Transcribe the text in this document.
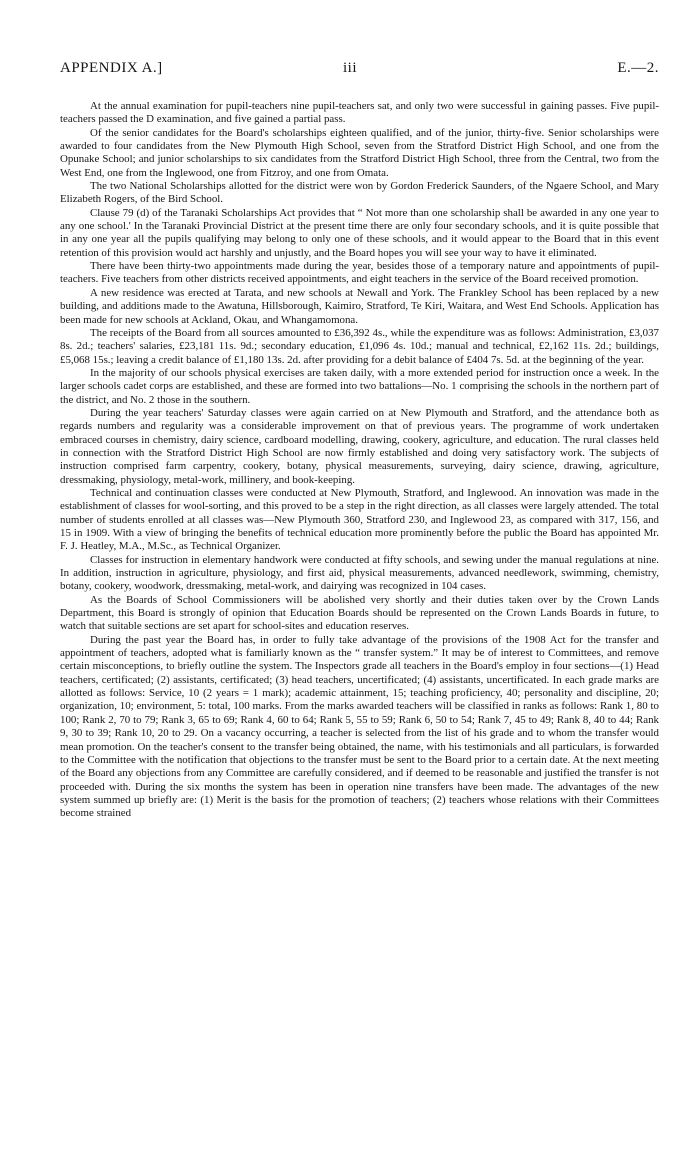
APPENDIX A.]	iii	E.—2.

At the annual examination for pupil-teachers nine pupil-teachers sat, and only two were successful in gaining passes. Five pupil-teachers passed the D examination, and five gained a partial pass.

Of the senior candidates for the Board's scholarships eighteen qualified, and of the junior, thirty-five. Senior scholarships were awarded to four candidates from the New Plymouth High School, seven from the Stratford District High School, and one from the Opunake School; and junior scholarships to six candidates from the Stratford District High School, three from the Central, two from the West End, one from the Inglewood, one from Fitzroy, and one from Omata.

The two National Scholarships allotted for the district were won by Gordon Frederick Saunders, of the Ngaere School, and Mary Elizabeth Rogers, of the Bird School.

Clause 79 (d) of the Taranaki Scholarships Act provides that “ Not more than one scholarship shall be awarded in any one year to any one school.' In the Taranaki Provincial District at the present time there are only four secondary schools, and it is quite possible that in any one year all the pupils qualifying may belong to only one of these schools, and it would appear to the Board that in this event retention of this provision would act harshly and unjustly, and the Board hopes you will see your way to have it eliminated.

There have been thirty-two appointments made during the year, besides those of a temporary nature and appointments of pupil-teachers. Five teachers from other districts received appointments, and eight teachers in the service of the Board received promotion.

A new residence was erected at Tarata, and new schools at Newall and York. The Frankley School has been replaced by a new building, and additions made to the Awatuna, Hillsborough, Kaimiro, Stratford, Te Kiri, Waitara, and West End Schools. Application has been made for new schools at Ackland, Okau, and Whangamomona.

The receipts of the Board from all sources amounted to £36,392 4s., while the expenditure was as follows: Administration, £3,037 8s. 2d.; teachers' salaries, £23,181 11s. 9d.; secondary education, £1,096 4s. 10d.; manual and technical, £2,162 11s. 2d.; buildings, £5,068 15s.; leaving a credit balance of £1,180 13s. 2d. after providing for a debit balance of £404 7s. 5d. at the beginning of the year.

In the majority of our schools physical exercises are taken daily, with a more extended period for instruction once a week. In the larger schools cadet corps are established, and these are formed into two battalions—No. 1 comprising the schools in the northern part of the district, and No. 2 those in the southern.

During the year teachers' Saturday classes were again carried on at New Plymouth and Stratford, and the attendance both as regards numbers and regularity was a considerable improvement on that of previous years. The programme of work undertaken embraced courses in chemistry, dairy science, cardboard modelling, drawing, cookery, agriculture, and education. The rural classes held in connection with the Stratford District High School are now firmly established and doing very satisfactory work. The subjects of instruction comprised farm carpentry, cookery, botany, physical measurements, surveying, dairy science, drawing, agriculture, dressmaking, physiology, metal-work, millinery, and book-keeping.

Technical and continuation classes were conducted at New Plymouth, Stratford, and Inglewood. An innovation was made in the establishment of classes for wool-sorting, and this proved to be a step in the right direction, as all classes were largely attended. The total number of students enrolled at all classes was—New Plymouth 360, Stratford 230, and Inglewood 23, as compared with 317, 156, and 15 in 1909. With a view of bringing the benefits of technical education more prominently before the public the Board has appointed Mr. F. J. Heatley, M.A., M.Sc., as Technical Organizer.

Classes for instruction in elementary handwork were conducted at fifty schools, and sewing under the manual regulations at nine. In addition, instruction in agriculture, physiology, and first aid, physical measurements, advanced needlework, swimming, chemistry, botany, cookery, woodwork, dressmaking, metal-work, and dairying was recognized in 104 cases.

As the Boards of School Commissioners will be abolished very shortly and their duties taken over by the Crown Lands Department, this Board is strongly of opinion that Education Boards should be represented on the Crown Lands Boards in future, to watch that suitable sections are set apart for school-sites and education reserves.

During the past year the Board has, in order to fully take advantage of the provisions of the 1908 Act for the transfer and appointment of teachers, adopted what is familiarly known as the “ transfer system.” It may be of interest to Committees, and remove certain misconceptions, to briefly outline the system. The Inspectors grade all teachers in the Board's employ in four sections—(1) Head teachers, certificated; (2) assistants, certificated; (3) head teachers, uncertificated; (4) assistants, uncertificated. In each grade marks are allotted as follows: Service, 10 (2 years = 1 mark); academic attainment, 15; teaching proficiency, 40; personality and discipline, 20; organization, 10; environment, 5: total, 100 marks. From the marks awarded teachers will be classified in ranks as follows: Rank 1, 80 to 100; Rank 2, 70 to 79; Rank 3, 65 to 69; Rank 4, 60 to 64; Rank 5, 55 to 59; Rank 6, 50 to 54; Rank 7, 45 to 49; Rank 8, 40 to 44; Rank 9, 30 to 39; Rank 10, 20 to 29. On a vacancy occurring, a teacher is selected from the list of his grade and to whom the transfer would mean promotion. On the teacher's consent to the transfer being obtained, the name, with his testimonials and all particulars, is forwarded to the Committee with the notification that objections to the transfer must be sent to the Board prior to a certain date. At the next meeting of the Board any objections from any Committee are carefully considered, and if deemed to be reasonable and justified the transfer is not proceeded with. During the six months the system has been in operation nine transfers have been made. The advantages of the new system summed up briefly are: (1) Merit is the basis for the promotion of teachers; (2) teachers whose relations with their Committees become strained
